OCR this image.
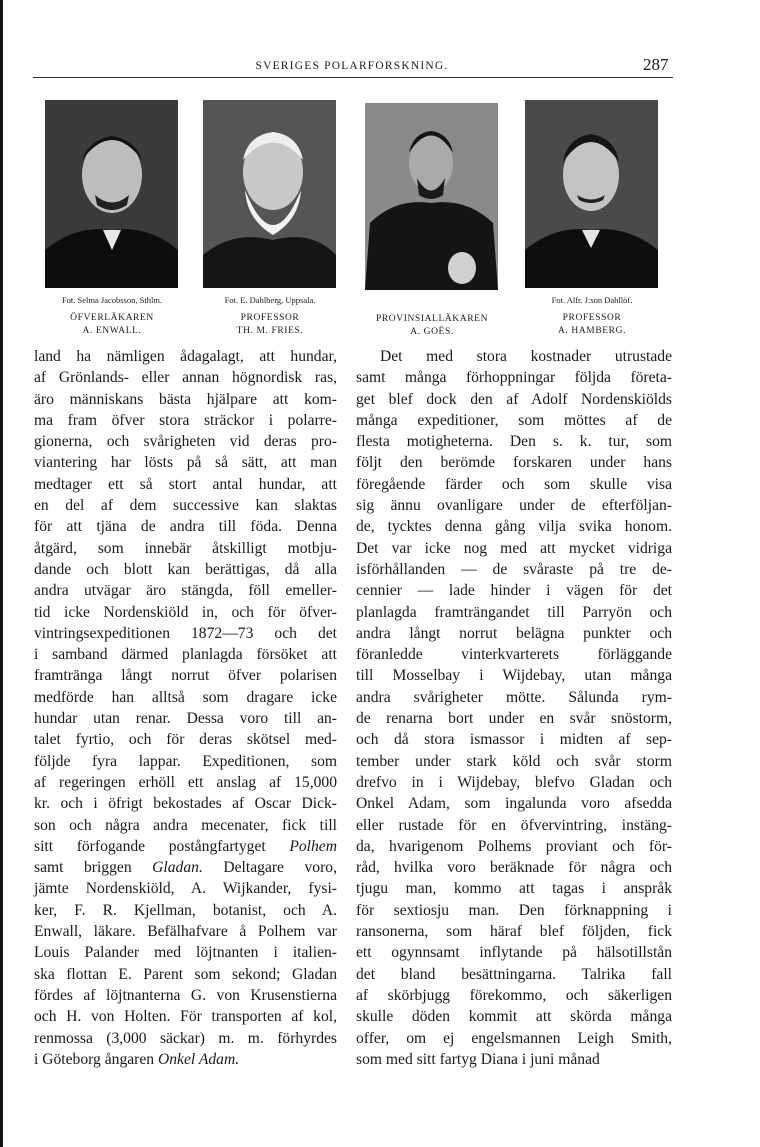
SVERIGES POLARFORSKNING.	287
Fot. Selma Jacobsson, Sthlm.
ÖFVERLÄKAREN
A. ENWALL.
Fot. E. Dahlberg, Uppsala.
PROFESSOR
TH. M. FRIES.
PROVINSIALLÄKAREN
A. GOËS.
Fot. Alfr. J:son Dahllöf.
PROFESSOR
A. HAMBERG.
land ha nämligen ådagalagt, att hundar,
af Grönlands- eller annan högnordisk ras,
äro människans bästa hjälpare att kom-
ma fram öfver stora sträckor i polarre-
gionerna, och svårigheten vid deras pro-
viantering har lösts på så sätt, att man
medtager ett så stort antal hundar, att
en del af dem successive kan slaktas
för att tjäna de andra till föda. Denna
åtgärd, som innebär åtskilligt motbju-
dande och blott kan berättigas, då alla
andra utvägar äro stängda, föll emeller-
tid icke Nordenskiöld in, och för öfver-
vintringsexpeditionen 1872—73 och det
i samband därmed planlagda försöket att
framtränga långt norrut öfver polarisen
medförde han alltså som dragare icke
hundar utan renar. Dessa voro till an-
talet fyrtio, och för deras skötsel med-
följde fyra lappar. Expeditionen, som
af regeringen erhöll ett anslag af 15,000
kr. och i öfrigt bekostades af Oscar Dick-
son och några andra mecenater, fick till
sitt förfogande postångfartyget Polhem
samt briggen Gladan. Deltagare voro,
jämte Nordenskiöld, A. Wijkander, fysi-
ker, F. R. Kjellman, botanist, och A.
Enwall, läkare. Befälhafvare å Polhem var
Louis Palander med löjtnanten i italien-
ska flottan E. Parent som sekond; Gladan
fördes af löjtnanterna G. von Krusenstierna
och H. von Holten. För transporten af kol,
renmossa (3,000 säckar) m. m. förhyrdes
i Göteborg ångaren Onkel Adam.
Det med stora kostnader utrustade
samt många förhoppningar följda företa-
get blef dock den af Adolf Nordenskiölds
många expeditioner, som möttes af de
flesta motigheterna. Den s. k. tur, som
följt den berömde forskaren under hans
föregående färder och som skulle visa
sig ännu ovanligare under de efterföljan-
de, tycktes denna gång vilja svika honom.
Det var icke nog med att mycket vidriga
isförhållanden — de svåraste på tre de-
cennier — lade hinder i vägen för det
planlagda framträngandet till Parryön och
andra långt norrut belägna punkter och
föranledde vinterkvarterets förläggande
till Mosselbay i Wijdebay, utan många
andra svårigheter mötte. Sålunda rym-
de renarna bort under en svår snöstorm,
och då stora ismassor i midten af sep-
tember under stark köld och svår storm
drefvo in i Wijdebay, blefvo Gladan och
Onkel Adam, som ingalunda voro afsedda
eller rustade för en öfvervintring, instäng-
da, hvarigenom Polhems proviant och för-
råd, hvilka voro beräknade för några och
tjugu man, kommo att tagas i anspråk
för sextiosju man. Den förknappning i
ransonerna, som häraf blef följden, fick
ett ogynnsamt inflytande på hälsotillstån
det bland besättningarna. Talrika fall
af skörbjugg förekommo, och säkerligen
skulle döden kommit att skörda många
offer, om ej engelsmannen Leigh Smith,
som med sitt fartyg Diana i juni månad
